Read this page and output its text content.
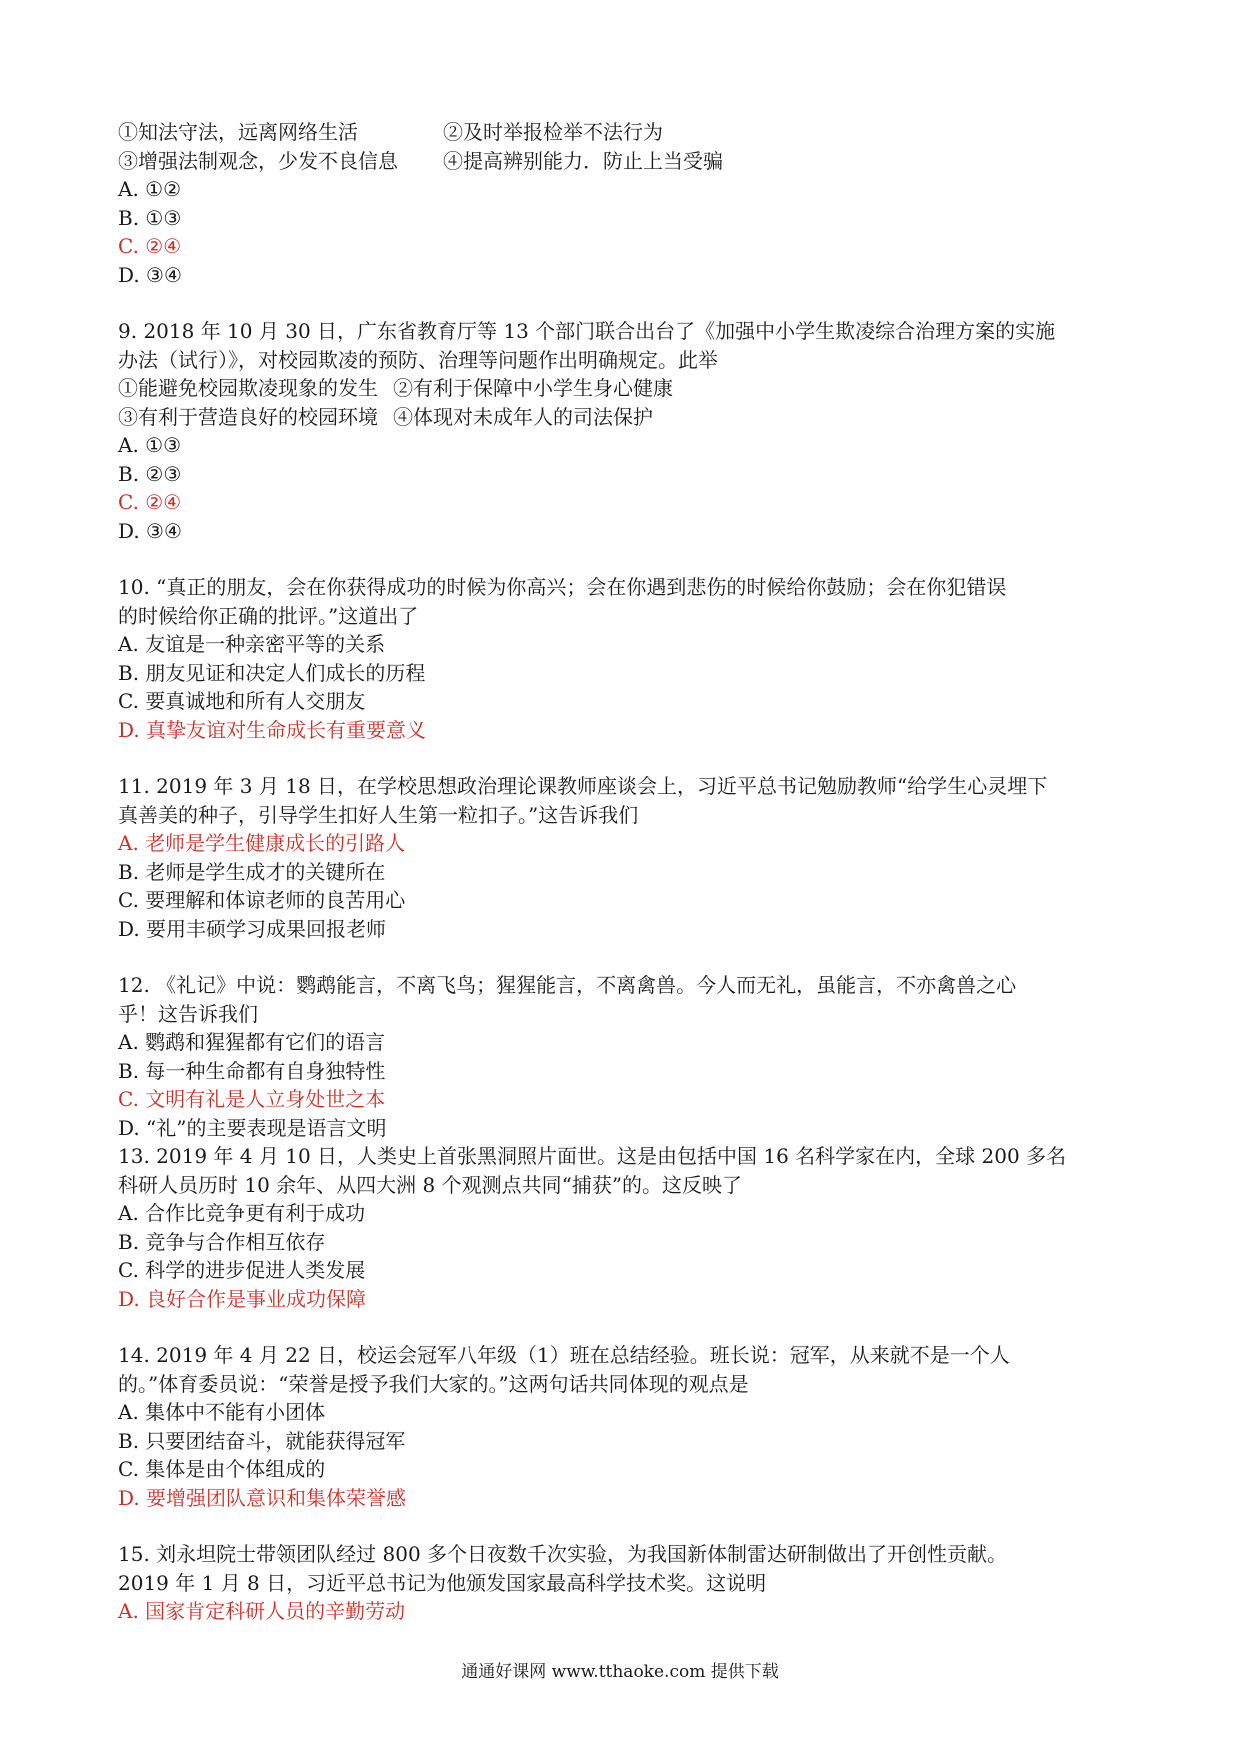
①知法守法，远离网络生活	②及时举报检举不法行为
③增强法制观念，少发不良信息 ④提高辨别能力．防止上当受骗
A. ①②
B. ①③
C. ②④
D. ③④
9. 2018 年 10 月 30 日，广东省教育厅等 13 个部门联合出台了《加强中小学生欺凌综合治理方案的实施
办法（试行）》，对校园欺凌的预防、治理等问题作出明确规定。此举
①能避免校园欺凌现象的发生 ②有利于保障中小学生身心健康
③有利于营造良好的校园环境 ④体现对未成年人的司法保护
A. ①③
B. ②③
C. ②④
D. ③④
10. “真正的朋友，会在你获得成功的时候为你高兴；会在你遇到悲伤的时候给你鼓励；会在你犯错误
的时候给你正确的批评。”这道出了
A. 友谊是一种亲密平等的关系
B. 朋友见证和决定人们成长的历程
C. 要真诚地和所有人交朋友
D. 真挚友谊对生命成长有重要意义
11. 2019 年 3 月 18 日，在学校思想政治理论课教师座谈会上，习近平总书记勉励教师“给学生心灵埋下
真善美的种子，引导学生扣好人生第一粒扣子。”这告诉我们
A. 老师是学生健康成长的引路人
B. 老师是学生成才的关键所在
C. 要理解和体谅老师的良苦用心
D. 要用丰硕学习成果回报老师
12. 《礼记》中说：鹦鹉能言，不离飞鸟；猩猩能言，不离禽兽。今人而无礼，虽能言，不亦禽兽之心
乎！这告诉我们
A. 鹦鹉和猩猩都有它们的语言
B. 每一种生命都有自身独特性
C. 文明有礼是人立身处世之本
D. “礼”的主要表现是语言文明
13. 2019 年 4 月 10 日，人类史上首张黑洞照片面世。这是由包括中国 16 名科学家在内，全球 200 多名
科研人员历时 10 余年、从四大洲 8 个观测点共同“捕获”的。这反映了
A. 合作比竞争更有利于成功
B. 竞争与合作相互依存
C. 科学的进步促进人类发展
D. 良好合作是事业成功保障
14. 2019 年 4 月 22 日，校运会冠军八年级（1）班在总结经验。班长说：冠军，从来就不是一个人
的。”体育委员说：“荣誉是授予我们大家的。”这两句话共同体现的观点是
A. 集体中不能有小团体
B. 只要团结奋斗，就能获得冠军
C. 集体是由个体组成的
D. 要增强团队意识和集体荣誉感
15. 刘永坦院士带领团队经过 800 多个日夜数千次实验，为我国新体制雷达研制做出了开创性贡献。
2019 年 1 月 8 日，习近平总书记为他颁发国家最高科学技术奖。这说明
A. 国家肯定科研人员的辛勤劳动
通通好课网 www.tthaoke.com 提供下载
